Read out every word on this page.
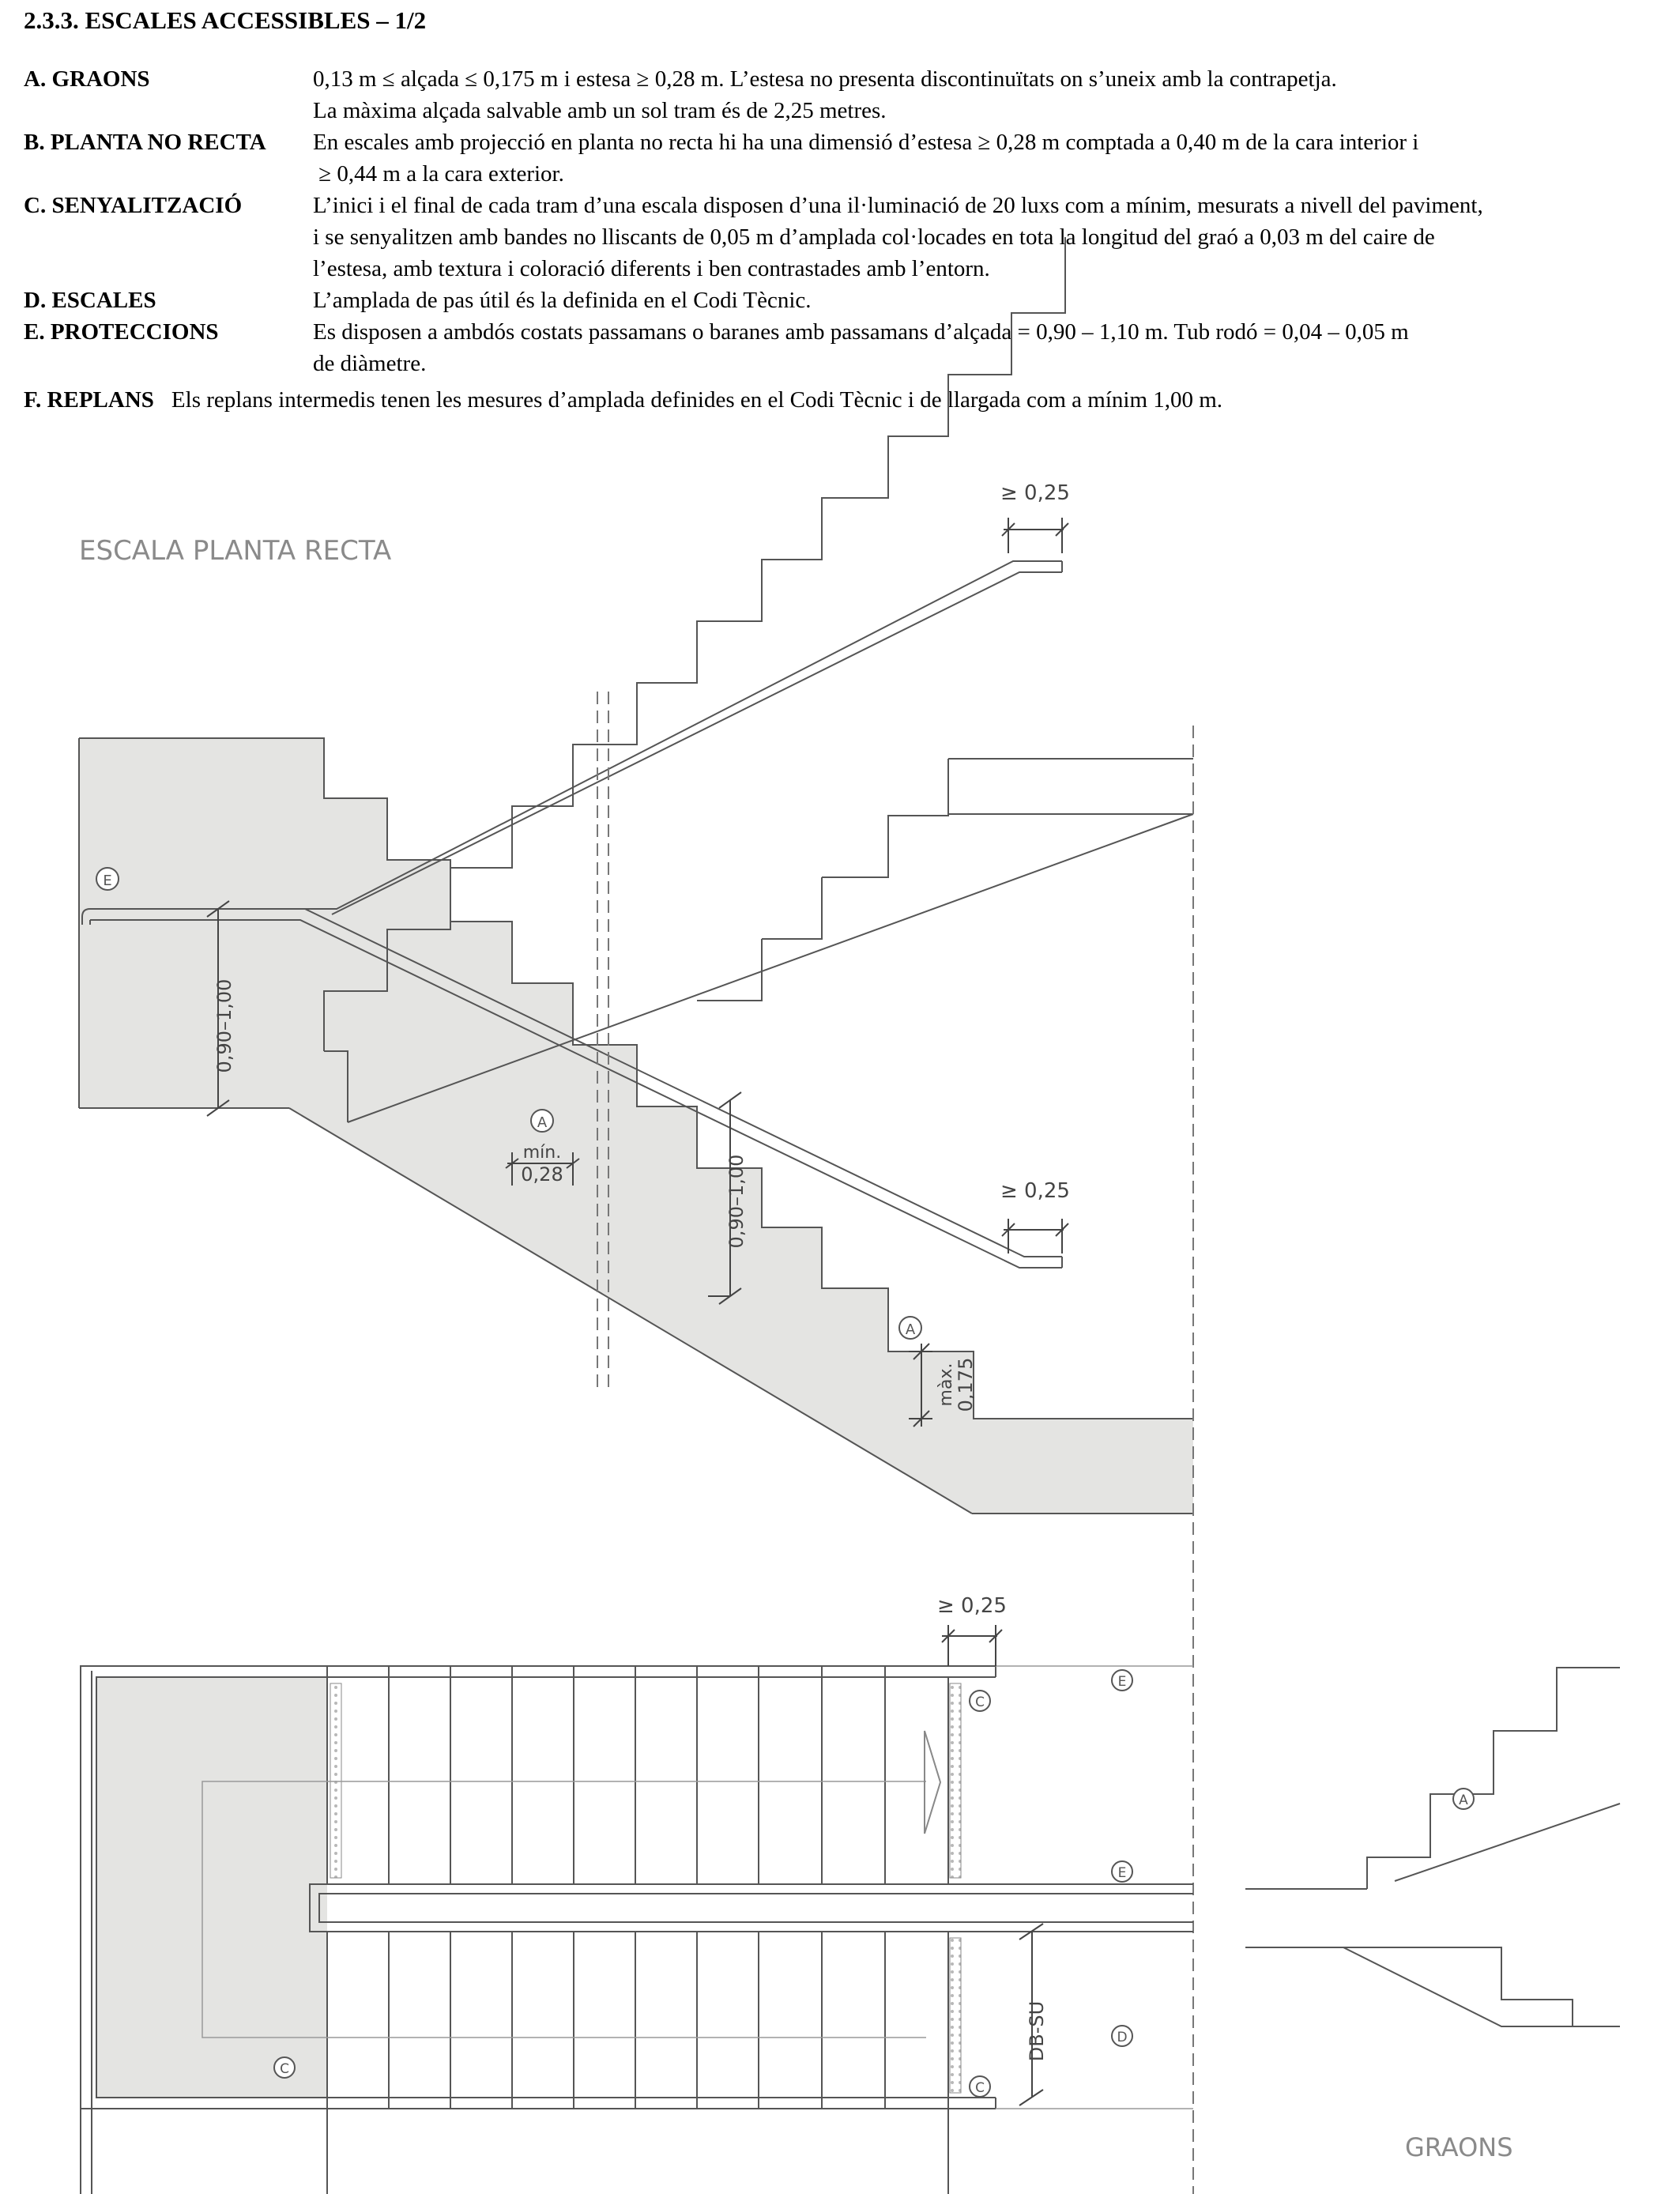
2.3.3. ESCALES ACCESSIBLES – 1/2
A. GRAONS	0,13 m ≤ alçada ≤ 0,175 m i estesa ≥ 0,28 m. L’estesa no presenta discontinuïtats on s’uneix amb la contrapetja.
La màxima alçada salvable amb un sol tram és de 2,25 metres.
B. PLANTA NO RECTA	En escales amb projecció en planta no recta hi ha una dimensió d’estesa ≥ 0,28 m comptada a 0,40 m de la cara interior i
≥ 0,44 m a la cara exterior.
C. SENYALITZACIÓ	L’inici i el final de cada tram d’una escala disposen d’una il·luminació de 20 luxs com a mínim, mesurats a nivell del paviment,
i se senyalitzen amb bandes no lliscants de 0,05 m d’amplada col·locades en tota la longitud del graó a 0,03 m del caire de
l’estesa, amb textura i coloració diferents i ben contrastades amb l’entorn.
D. ESCALES	L’amplada de pas útil és la definida en el Codi Tècnic.
E. PROTECCIONS	Es disposen a ambdós costats passamans o baranes amb passamans d’alçada = 0,90 – 1,10 m. Tub rodó = 0,04 – 0,05 m
de diàmetre.
F. REPLANS Els replans intermedis tenen les mesures d’amplada definides en el Codi Tècnic i de llargada com a mínim 1,00 m.
ESCALA PLANTA RECTA
0,90–1,00
0,90–1,00
mín.
0,28
màx.
0,175
≥ 0,25
≥ 0,25
E
A
A
≥ 0,25
DB-SU
C
C
C
E
E
D
A
GRAONS
